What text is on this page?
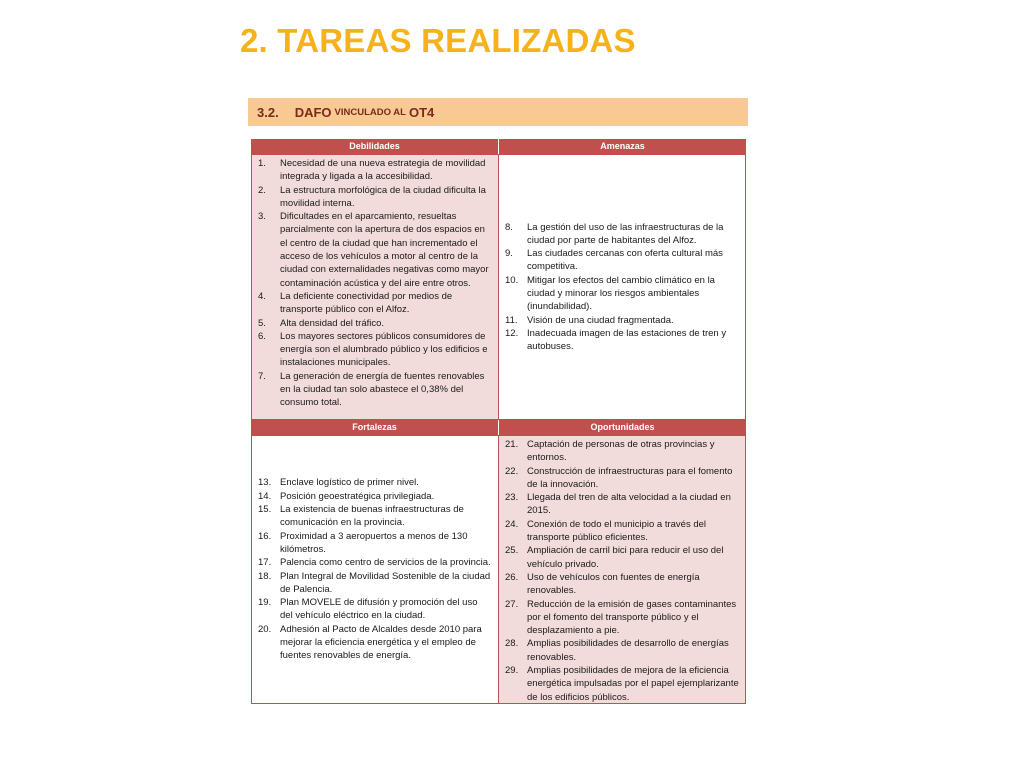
2. TAREAS REALIZADAS
3.2. DAFO VINCULADO AL OT4
Debilidades	Amenazas
1.	Necesidad de una nueva estrategia de movilidad integrada y ligada a la accesibilidad.
2.	La estructura morfológica de la ciudad dificulta la movilidad interna.
3.	Dificultades en el aparcamiento, resueltas parcialmente con la apertura de dos espacios en el centro de la ciudad que han incrementado el acceso de los vehículos a motor al centro de la ciudad con externalidades negativas como mayor contaminación acústica y del aire entre otros.
4.	La deficiente conectividad por medios de transporte público con el Alfoz.
5.	Alta densidad del tráfico.
6.	Los mayores sectores públicos consumidores de energía son el alumbrado público y los edificios e instalaciones municipales.
7.	La generación de energía de fuentes renovables en la ciudad tan solo abastece el 0,38% del consumo total.
8.	La gestión del uso de las infraestructuras de la ciudad por parte de habitantes del Alfoz.
9.	Las ciudades cercanas con oferta cultural más competitiva.
10. Mitigar los efectos del cambio climático en la ciudad y minorar los riesgos ambientales (inundabilidad).
11. Visión de una ciudad fragmentada.
12. Inadecuada imagen de las estaciones de tren y autobuses.
Fortalezas	Oportunidades
13. Enclave logístico de primer nivel.
14. Posición geoestratégica privilegiada.
15. La existencia de buenas infraestructuras de comunicación en la provincia.
16. Proximidad a 3 aeropuertos a menos de 130 kilómetros.
17. Palencia como centro de servicios de la provincia.
18. Plan Integral de Movilidad Sostenible de la ciudad de Palencia.
19. Plan MOVELE de difusión y promoción del uso del vehículo eléctrico en la ciudad.
20. Adhesión al Pacto de Alcaldes desde 2010 para mejorar la eficiencia energética y el empleo de fuentes renovables de energía.
21. Captación de personas de otras provincias y entornos.
22. Construcción de infraestructuras para el fomento de la innovación.
23. Llegada del tren de alta velocidad a la ciudad en 2015.
24. Conexión de todo el municipio a través del transporte público eficientes.
25. Ampliación de carril bici para reducir el uso del vehículo privado.
26. Uso de vehículos con fuentes de energía renovables.
27. Reducción de la emisión de gases contaminantes por el fomento del transporte público y el desplazamiento a pie.
28. Amplias posibilidades de desarrollo de energías renovables.
29. Amplias posibilidades de mejora de la eficiencia energética impulsadas por el papel ejemplarizante de los edificios públicos.
